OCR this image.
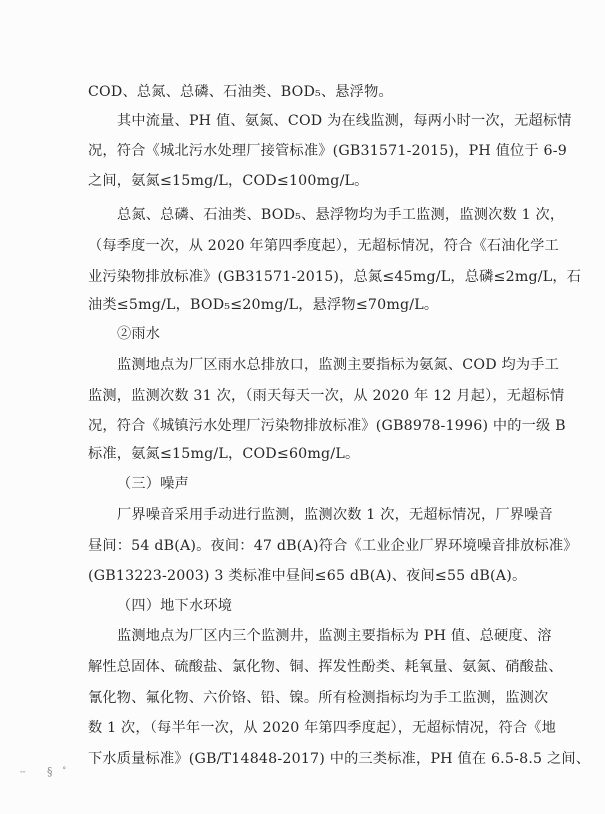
COD、总氮、总磷、石油类、BOD₅、悬浮物。
其中流量、PH 值、氨氮、COD 为在线监测，每两小时一次，无超标情
况，符合《城北污水处理厂接管标准》(GB31571-2015)，PH 值位于 6-9
之间，氨氮≤15mg/L，COD≤100mg/L。
总氮、总磷、石油类、BOD₅、悬浮物均为手工监测，监测次数 1 次，
（每季度一次，从 2020 年第四季度起），无超标情况，符合《石油化学工
业污染物排放标准》(GB31571-2015)，总氮≤45mg/L，总磷≤2mg/L，石
油类≤5mg/L，BOD₅≤20mg/L，悬浮物≤70mg/L。
②雨水
监测地点为厂区雨水总排放口，监测主要指标为氨氮、COD 均为手工
监测，监测次数 31 次，（雨天每天一次，从 2020 年 12 月起），无超标情
况，符合《城镇污水处理厂污染物排放标准》(GB8978-1996) 中的一级 B
标准，氨氮≤15mg/L，COD≤60mg/L。
（三）噪声
厂界噪音采用手动进行监测，监测次数 1 次，无超标情况，厂界噪音
昼间：54 dB(A)。夜间：47 dB(A)符合《工业企业厂界环境噪音排放标准》
(GB13223-2003) 3 类标准中昼间≤65 dB(A)、夜间≤55 dB(A)。
（四）地下水环境
监测地点为厂区内三个监测井，监测主要指标为 PH 值、总硬度、溶
解性总固体、硫酸盐、氯化物、铜、挥发性酚类、耗氧量、氨氮、硝酸盐、
氰化物、氟化物、六价铬、铅、镍。所有检测指标均为手工监测，监测次
数 1 次，（每半年一次，从 2020 年第四季度起），无超标情况，符合《地
下水质量标准》(GB/T14848-2017) 中的三类标准，PH 值在 6.5-8.5 之间、
╌ § ˚
